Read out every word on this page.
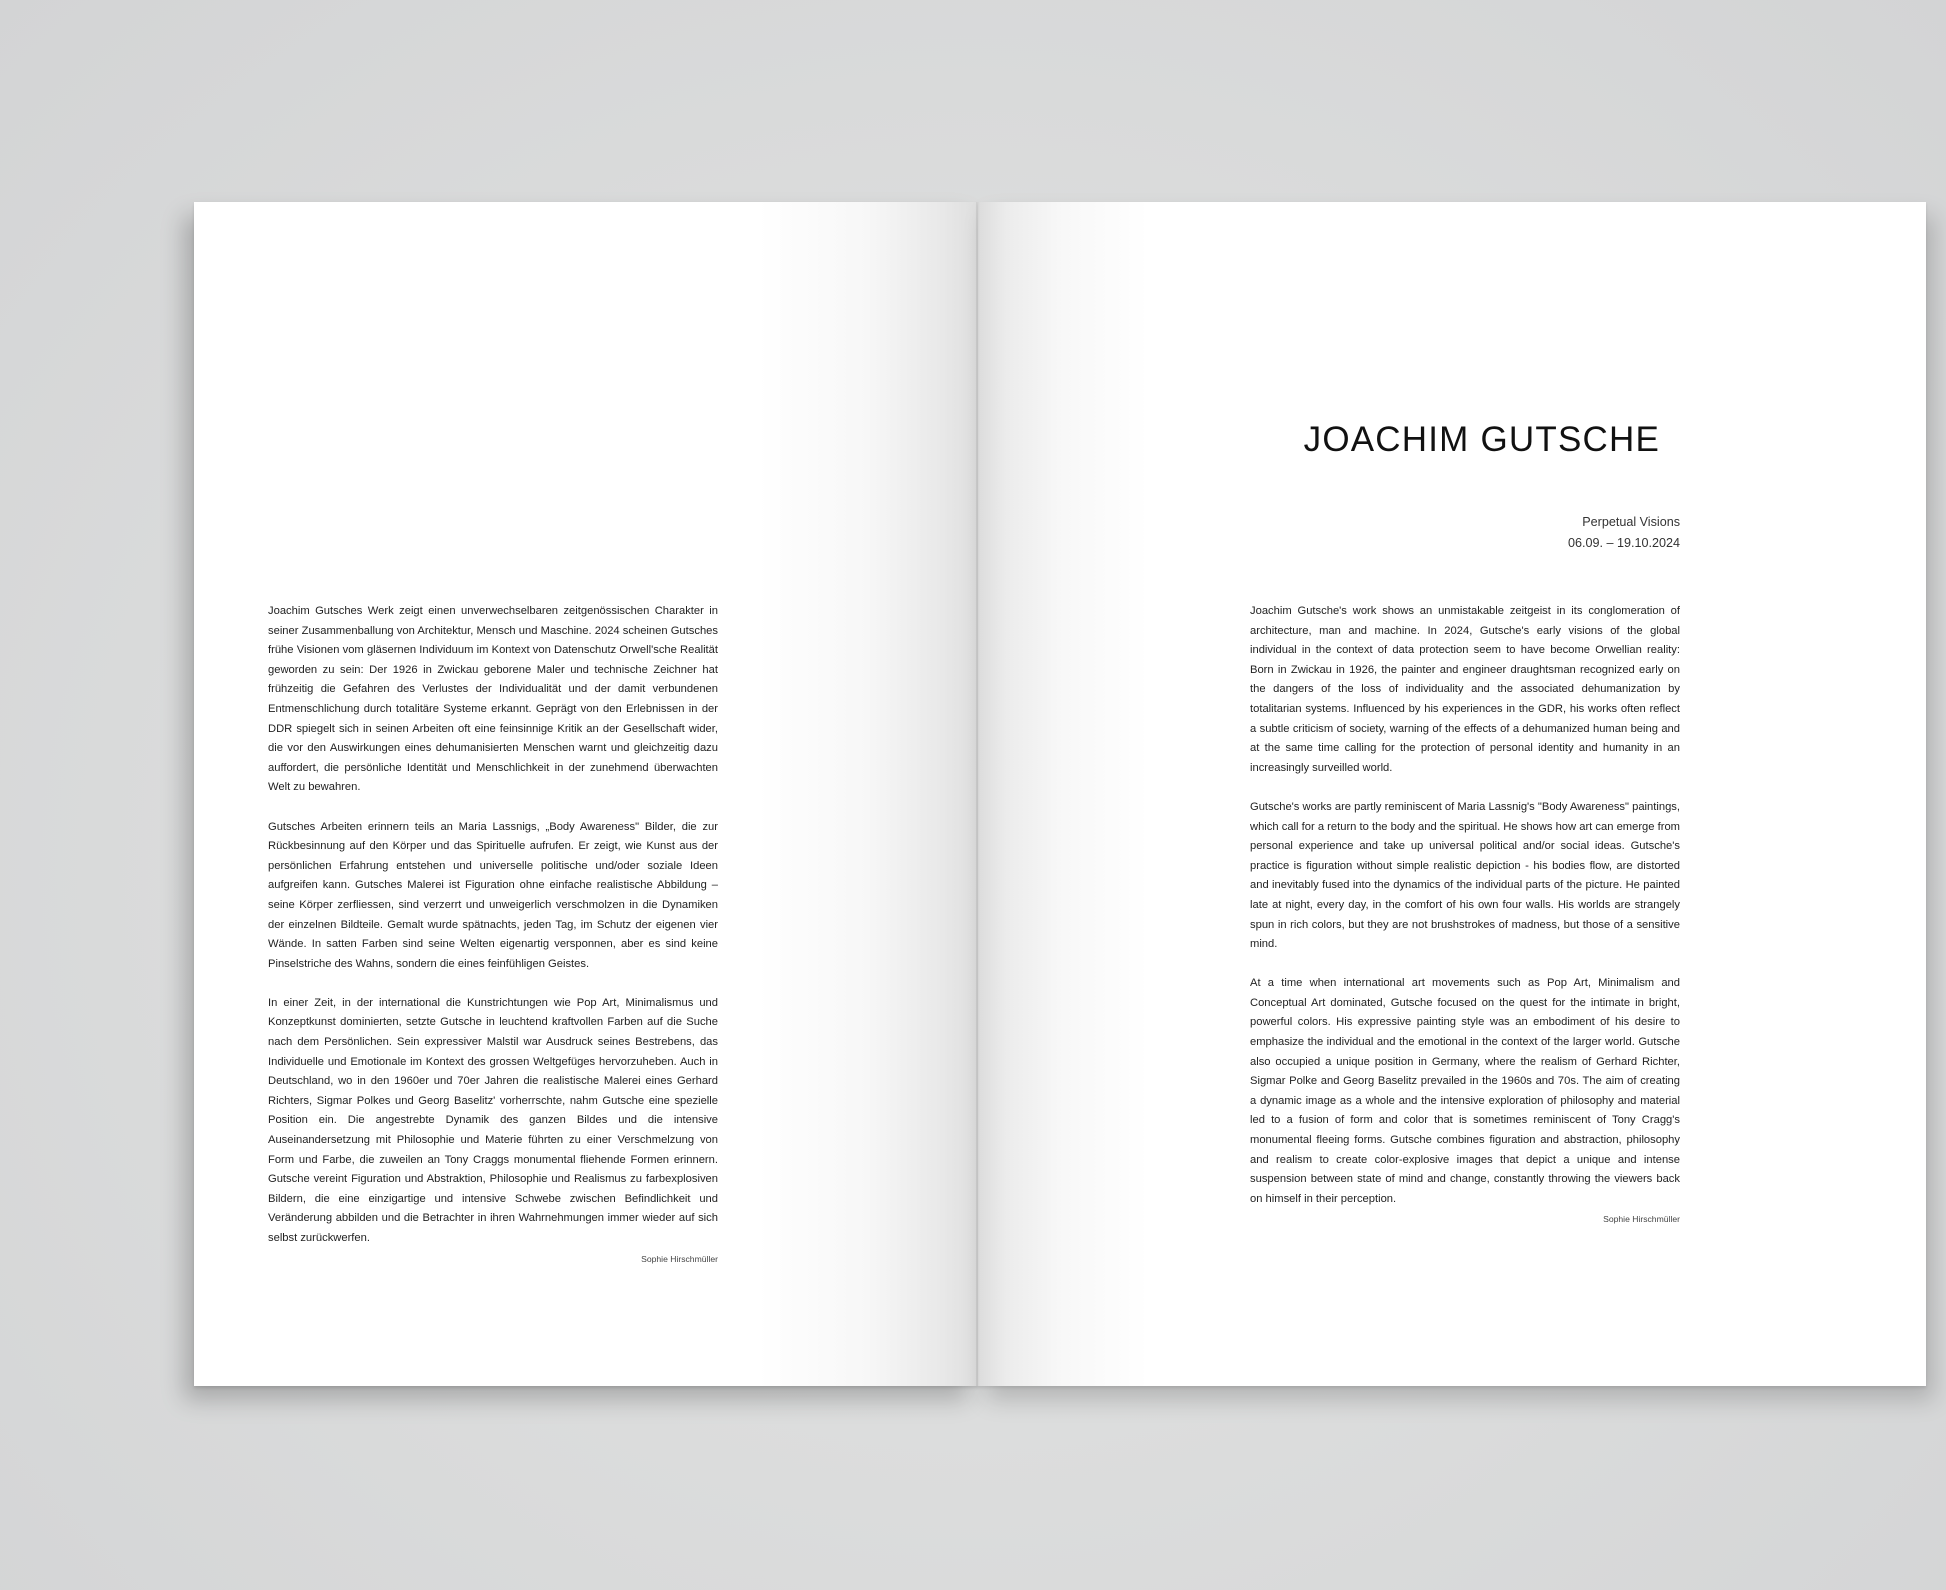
Joachim Gutsches Werk zeigt einen unverwechselbaren zeitgenössischen Charakter in seiner Zusammenballung von Architektur, Mensch und Maschine. 2024 scheinen Gutsches frühe Visionen vom gläsernen Individuum im Kontext von Datenschutz Orwell'sche Realität geworden zu sein: Der 1926 in Zwickau geborene Maler und technische Zeichner hat frühzeitig die Gefahren des Verlustes der Individualität und der damit verbundenen Entmenschlichung durch totalitäre Systeme erkannt. Geprägt von den Erlebnissen in der DDR spiegelt sich in seinen Arbeiten oft eine feinsinnige Kritik an der Gesellschaft wider, die vor den Auswirkungen eines dehumanisierten Menschen warnt und gleichzeitig dazu auffordert, die persönliche Identität und Menschlichkeit in der zunehmend überwachten Welt zu bewahren.

Gutsches Arbeiten erinnern teils an Maria Lassnigs, „Body Awareness" Bilder, die zur Rückbesinnung auf den Körper und das Spirituelle aufrufen. Er zeigt, wie Kunst aus der persönlichen Erfahrung entstehen und universelle politische und/oder soziale Ideen aufgreifen kann. Gutsches Malerei ist Figuration ohne einfache realistische Abbildung – seine Körper zerfliessen, sind verzerrt und unweigerlich verschmolzen in die Dynamiken der einzelnen Bildteile. Gemalt wurde spätnachts, jeden Tag, im Schutz der eigenen vier Wände. In satten Farben sind seine Welten eigenartig versponnen, aber es sind keine Pinselstriche des Wahns, sondern die eines feinfühligen Geistes.

In einer Zeit, in der international die Kunstrichtungen wie Pop Art, Minimalismus und Konzeptkunst dominierten, setzte Gutsche in leuchtend kraftvollen Farben auf die Suche nach dem Persönlichen. Sein expressiver Malstil war Ausdruck seines Bestrebens, das Individuelle und Emotionale im Kontext des grossen Weltgefüges hervorzuheben. Auch in Deutschland, wo in den 1960er und 70er Jahren die realistische Malerei eines Gerhard Richters, Sigmar Polkes und Georg Baselitz' vorherrschte, nahm Gutsche eine spezielle Position ein. Die angestrebte Dynamik des ganzen Bildes und die intensive Auseinandersetzung mit Philosophie und Materie führten zu einer Verschmelzung von Form und Farbe, die zuweilen an Tony Craggs monumental fliehende Formen erinnern. Gutsche vereint Figuration und Abstraktion, Philosophie und Realismus zu farbexplosiven Bildern, die eine einzigartige und intensive Schwebe zwischen Befindlichkeit und Veränderung abbilden und die Betrachter in ihren Wahrnehmungen immer wieder auf sich selbst zurückwerfen.

Sophie Hirschmüller
JOACHIM GUTSCHE
Perpetual Visions
06.09. – 19.10.2024

Joachim Gutsche's work shows an unmistakable zeitgeist in its conglomeration of architecture, man and machine. In 2024, Gutsche's early visions of the global individual in the context of data protection seem to have become Orwellian reality: Born in Zwickau in 1926, the painter and engineer draughtsman recognized early on the dangers of the loss of individuality and the associated dehumanization by totalitarian systems. Influenced by his experiences in the GDR, his works often reflect a subtle criticism of society, warning of the effects of a dehumanized human being and at the same time calling for the protection of personal identity and humanity in an increasingly surveilled world.

Gutsche's works are partly reminiscent of Maria Lassnig's "Body Awareness" paintings, which call for a return to the body and the spiritual. He shows how art can emerge from personal experience and take up universal political and/or social ideas. Gutsche's practice is figuration without simple realistic depiction - his bodies flow, are distorted and inevitably fused into the dynamics of the individual parts of the picture. He painted late at night, every day, in the comfort of his own four walls. His worlds are strangely spun in rich colors, but they are not brushstrokes of madness, but those of a sensitive mind.

At a time when international art movements such as Pop Art, Minimalism and Conceptual Art dominated, Gutsche focused on the quest for the intimate in bright, powerful colors. His expressive painting style was an embodiment of his desire to emphasize the individual and the emotional in the context of the larger world. Gutsche also occupied a unique position in Germany, where the realism of Gerhard Richter, Sigmar Polke and Georg Baselitz prevailed in the 1960s and 70s. The aim of creating a dynamic image as a whole and the intensive exploration of philosophy and material led to a fusion of form and color that is sometimes reminiscent of Tony Cragg's monumental fleeing forms. Gutsche combines figuration and abstraction, philosophy and realism to create color-explosive images that depict a unique and intense suspension between state of mind and change, constantly throwing the viewers back on himself in their perception.

Sophie Hirschmüller
